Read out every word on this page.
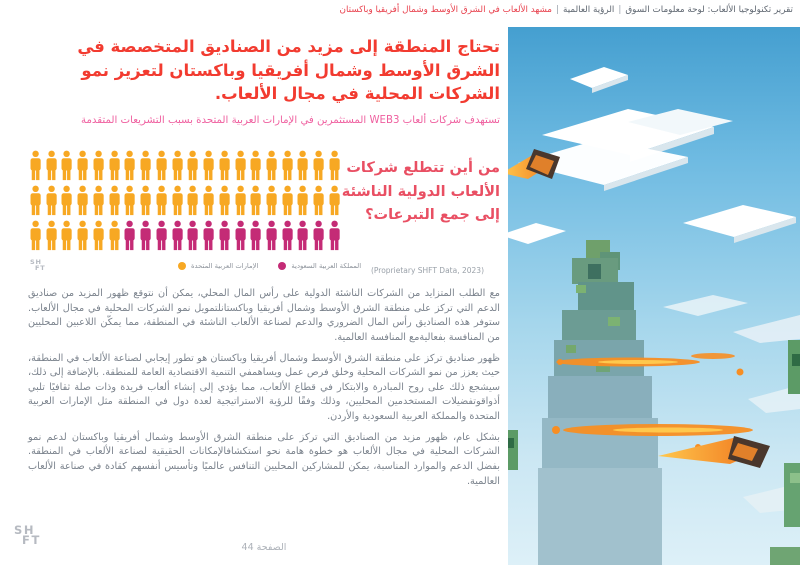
تقرير تكنولوجيا الألعاب: لوحة معلومات السوق|الرؤية العالمية|مشهد الألعاب في الشرق الأوسط وشمال أفريقيا وباكستان
تحتاج المنطقة إلى مزيد من الصناديق المتخصصة في الشرق الأوسط وشمال أفريقيا وباكستان لتعزيز نمو الشركات المحلية في مجال الألعاب.
تستهدف شركات ألعاب WEB3 المستثمرين في الإمارات العربية المتحدة بسبب التشريعات المتقدمة
من أين تتطلع شركات الألعاب الدولية الناشئة إلى جمع التبرعات؟
SH
FT	الإمارات العربية المتحدة	المملكة العربية السعودية (Proprietary SHFT Data, 2023)

مع الطلب المتزايد من الشركات الناشئة الدولية على رأس المال المحلي، يمكن أن نتوقع ظهور المزيد من صناديق الدعم التي تركز على منطقة الشرق الأوسط وشمال أفريقيا وباكستانلتمويل نمو الشركات المحلية في مجال الألعاب. ستوفر هذه الصناديق رأس المال الضروري والدعم لصناعة الألعاب الناشئة في المنطقة، مما يمكّن اللاعبين المحليين من المنافسة بفعاليةمع المنافسة العالمية.

ظهور صناديق تركز على منطقة الشرق الأوسط وشمال أفريقيا وباكستان هو تطور إيجابي لصناعة الألعاب في المنطقة، حيث يعزز من نمو الشركات المحلية وخلق فرص عمل ويساهمفي التنمية الاقتصادية العامة للمنطقة. بالإضافة إلى ذلك، سيشجع ذلك على روح المبادرة والابتكار في قطاع الألعاب، مما يؤدي إلى إنشاء ألعاب فريدة وذات صلة ثقافيًا تلبي أذواقوتفضيلات المستخدمين المحليين، وذلك وفقًا للرؤية الاستراتيجية لعدة دول في المنطقة مثل الإمارات العربية المتحدة والمملكة العربية السعودية والأردن.

بشكل عام، ظهور مزيد من الصناديق التي تركز على منطقة الشرق الأوسط وشمال أفريقيا وباكستان لدعم نمو الشركات المحلية في مجال الألعاب هو خطوة هامة نحو استكشافالإمكانات الحقيقية لصناعة الألعاب في المنطقة. بفضل الدعم والموارد المناسبة، يمكن للمشاركين المحليين التنافس عالميًا وتأسيس أنفسهم كقادة في صناعة الألعاب العالمية.

SH
FT
الصفحة 44
